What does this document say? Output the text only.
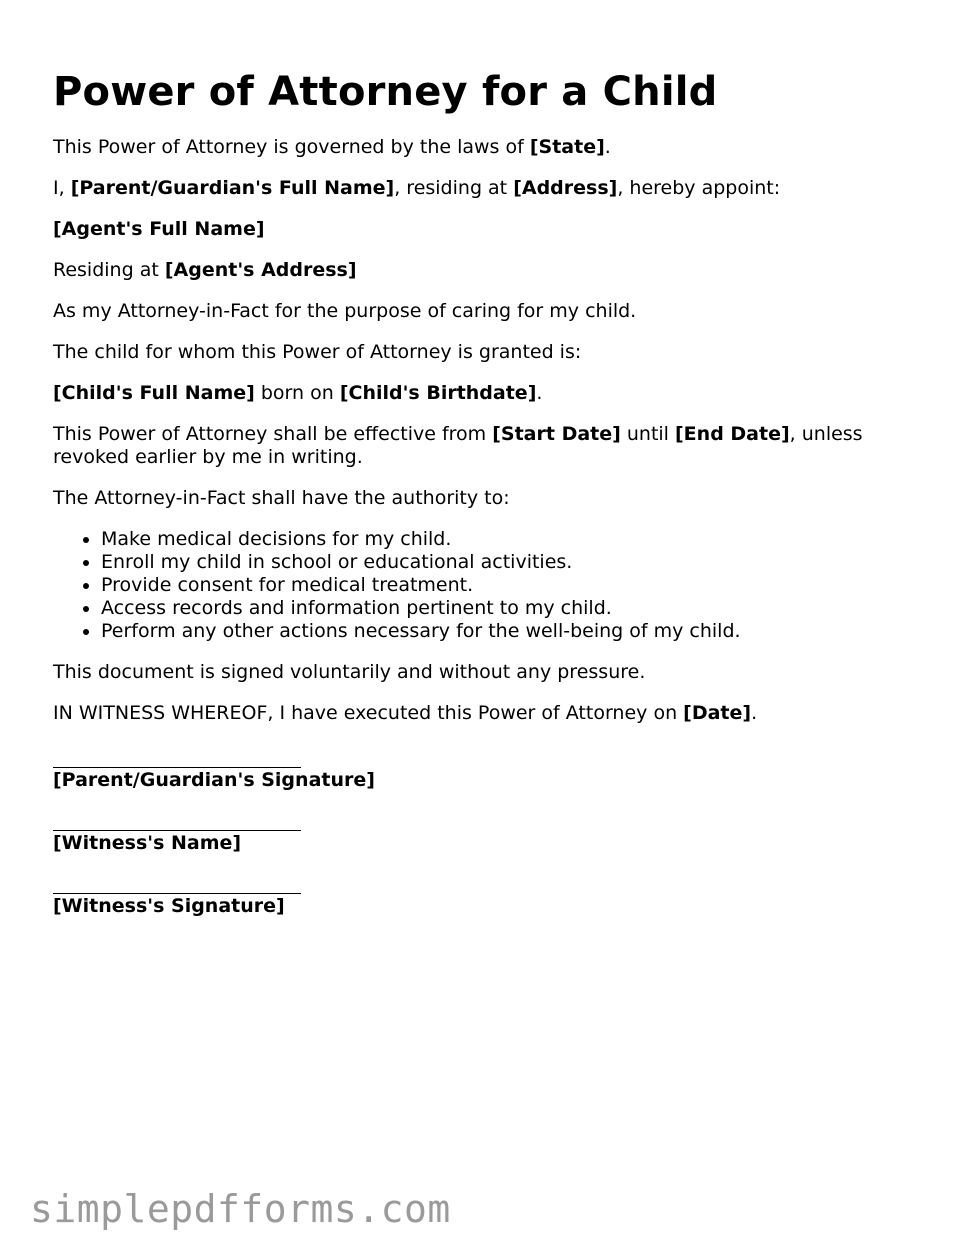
Power of Attorney for a Child

This Power of Attorney is governed by the laws of [State].

I, [Parent/Guardian's Full Name], residing at [Address], hereby appoint:

[Agent's Full Name]

Residing at [Agent's Address]

As my Attorney-in-Fact for the purpose of caring for my child.

The child for whom this Power of Attorney is granted is:

[Child's Full Name] born on [Child's Birthdate].

This Power of Attorney shall be effective from [Start Date] until [End Date], unless revoked earlier by me in writing.

The Attorney-in-Fact shall have the authority to:

• Make medical decisions for my child.
• Enroll my child in school or educational activities.
• Provide consent for medical treatment.
• Access records and information pertinent to my child.
• Perform any other actions necessary for the well-being of my child.

This document is signed voluntarily and without any pressure.

IN WITNESS WHEREOF, I have executed this Power of Attorney on [Date].

[Parent/Guardian's Signature]
[Witness's Name]
[Witness's Signature]
simplepdfforms.com
